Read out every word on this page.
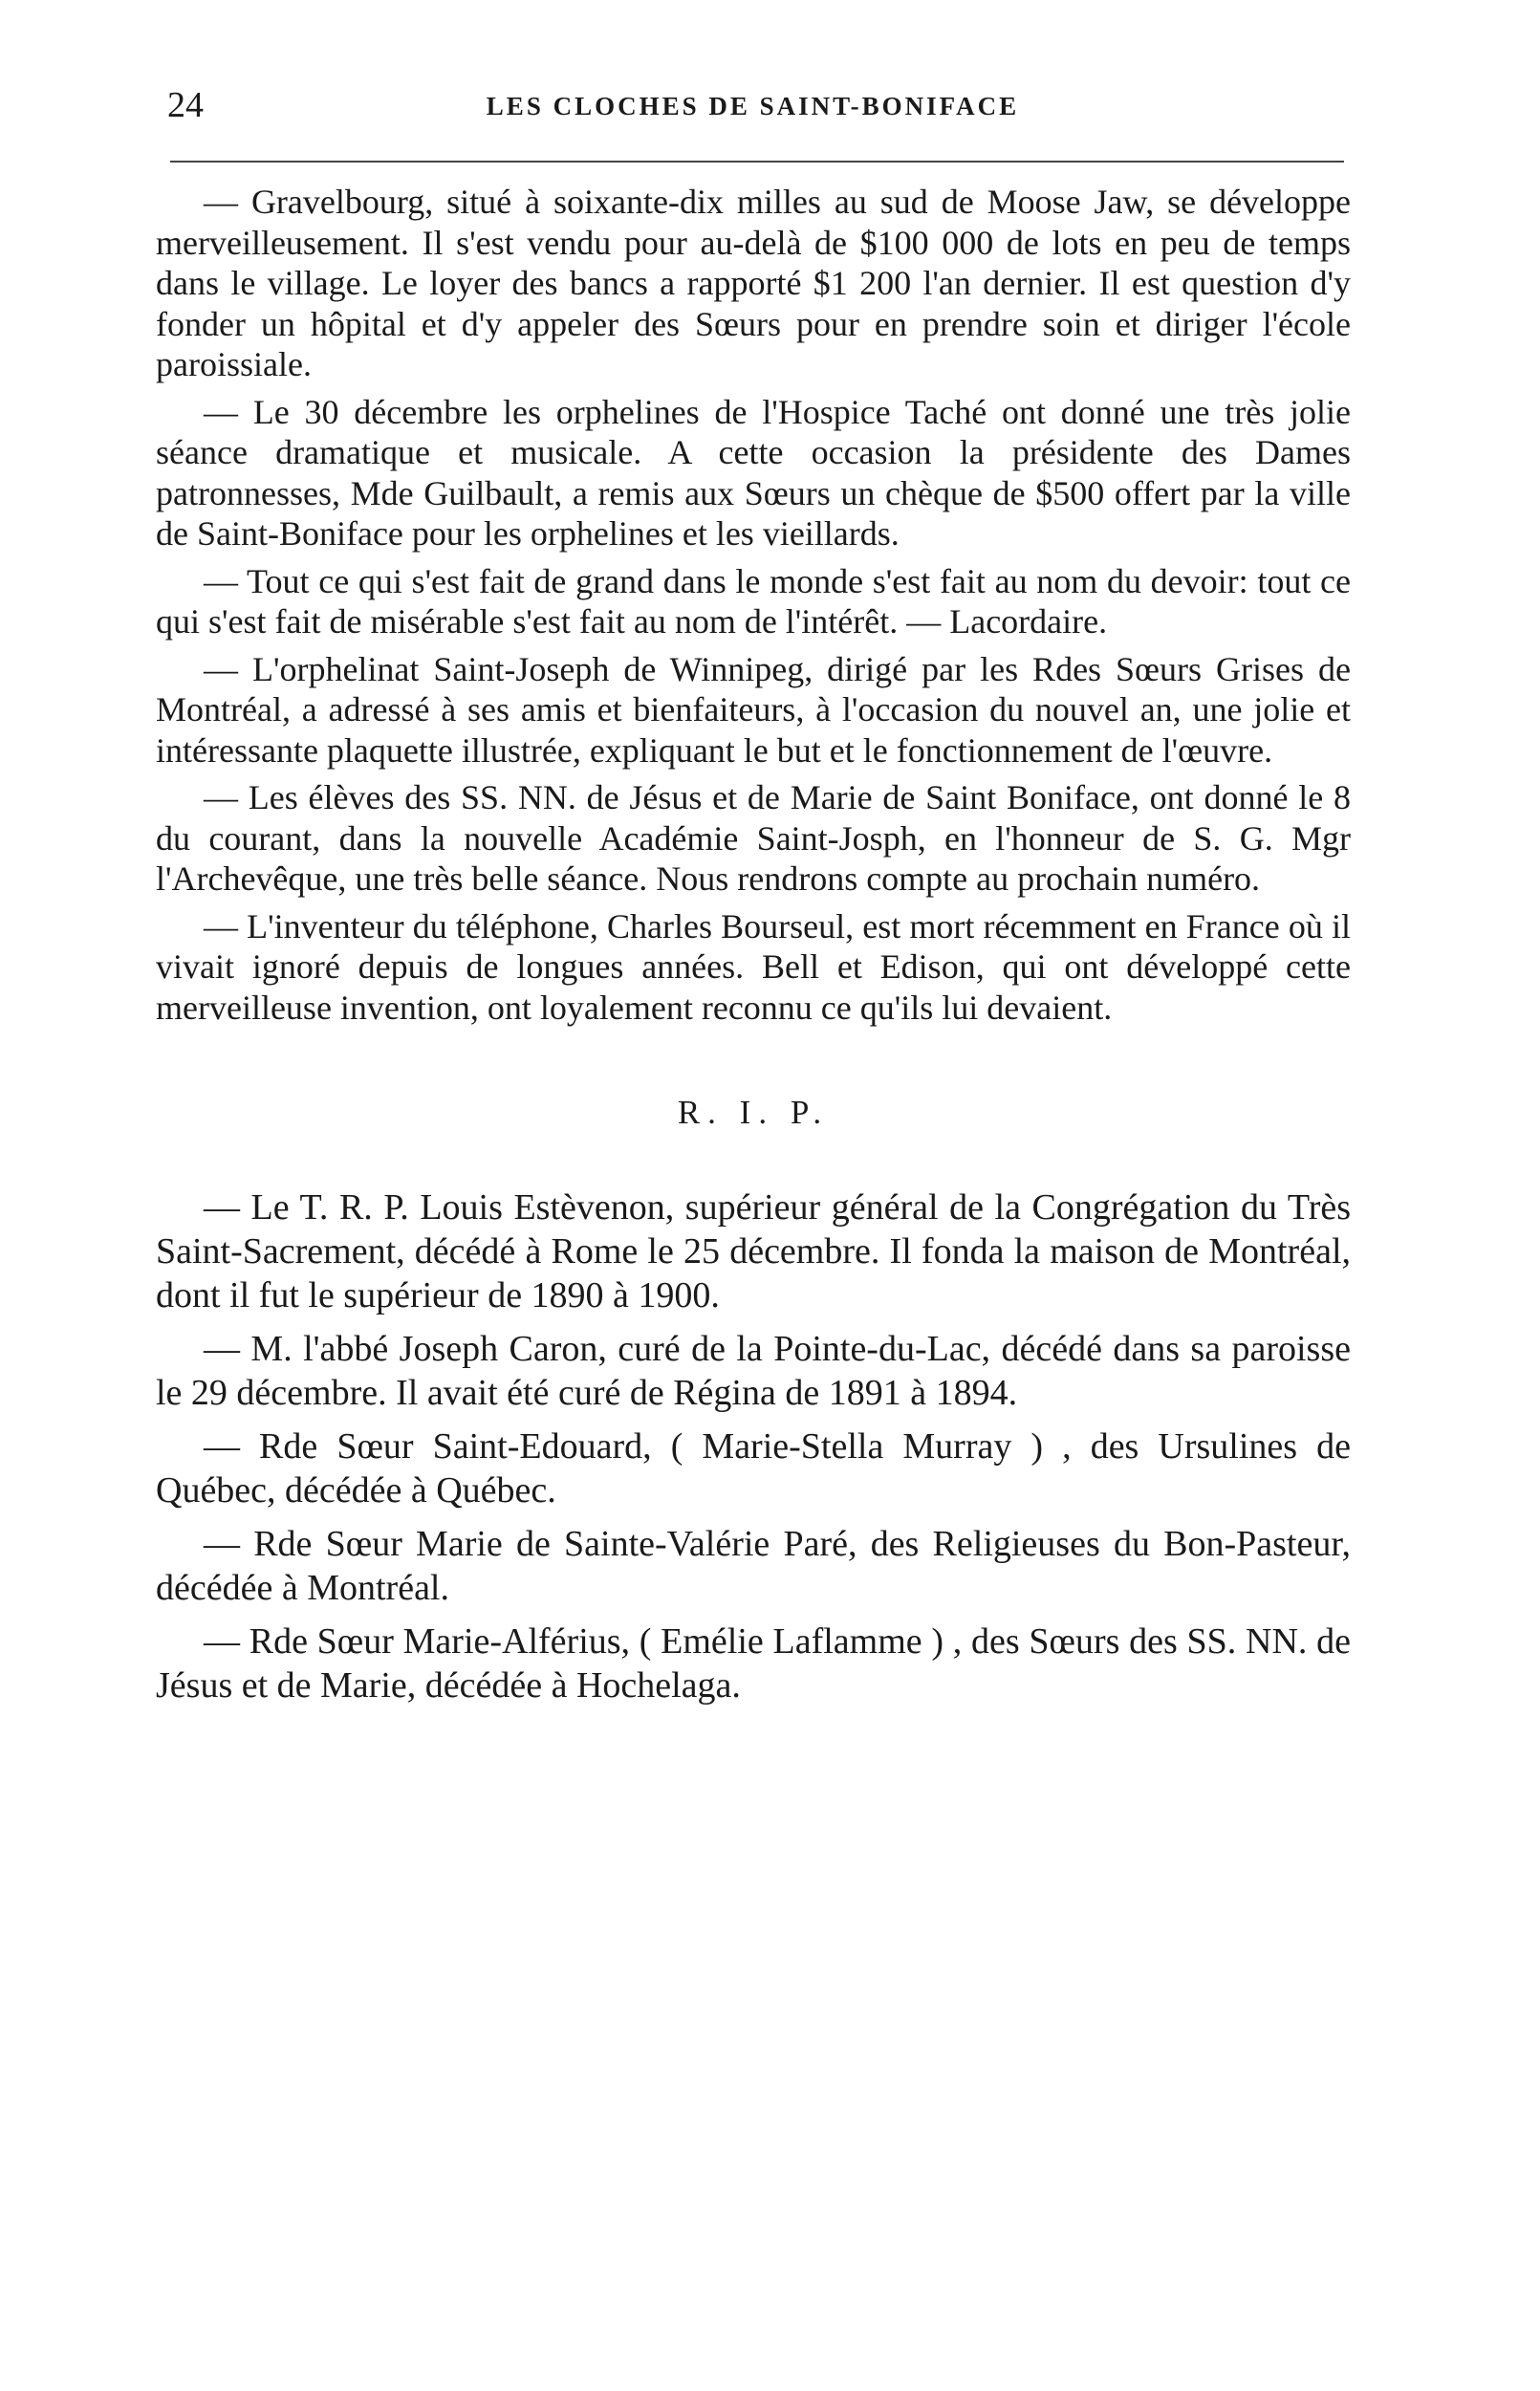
24	LES CLOCHES DE SAINT-BONIFACE

— Gravelbourg, situé à soixante-dix milles au sud de Moose Jaw, se développe merveilleusement. Il s'est vendu pour au-delà de $100 000 de lots en peu de temps dans le village. Le loyer des bancs a rapporté $1 200 l'an dernier. Il est question d'y fonder un hôpital et d'y appeler des Sœurs pour en prendre soin et diriger l'école paroissiale.

— Le 30 décembre les orphelines de l'Hospice Taché ont donné une très jolie séance dramatique et musicale. A cette occasion la présidente des Dames patronnesses, Mde Guilbault, a remis aux Sœurs un chèque de $500 offert par la ville de Saint-Boniface pour les orphelines et les vieillards.

— Tout ce qui s'est fait de grand dans le monde s'est fait au nom du devoir: tout ce qui s'est fait de misérable s'est fait au nom de l'intérêt. — Lacordaire.

— L'orphelinat Saint-Joseph de Winnipeg, dirigé par les Rdes Sœurs Grises de Montréal, a adressé à ses amis et bienfaiteurs, à l'occasion du nouvel an, une jolie et intéressante plaquette illustrée, expliquant le but et le fonctionnement de l'œuvre.

— Les élèves des SS. NN. de Jésus et de Marie de Saint Boniface, ont donné le 8 du courant, dans la nouvelle Académie Saint-Josph, en l'honneur de S. G. Mgr l'Archevêque, une très belle séance. Nous rendrons compte au prochain numéro.

— L'inventeur du téléphone, Charles Bourseul, est mort récemment en France où il vivait ignoré depuis de longues années. Bell et Edison, qui ont développé cette merveilleuse invention, ont loyalement reconnu ce qu'ils lui devaient.

R. I. P.

— Le T. R. P. Louis Estèvenon, supérieur général de la Congrégation du Très Saint-Sacrement, décédé à Rome le 25 décembre. Il fonda la maison de Montréal, dont il fut le supérieur de 1890 à 1900.

— M. l'abbé Joseph Caron, curé de la Pointe-du-Lac, décédé dans sa paroisse le 29 décembre. Il avait été curé de Régina de 1891 à 1894.

— Rde Sœur Saint-Edouard, ( Marie-Stella Murray ) , des Ursulines de Québec, décédée à Québec.

— Rde Sœur Marie de Sainte-Valérie Paré, des Religieuses du Bon-Pasteur, décédée à Montréal.

— Rde Sœur Marie-Alférius, ( Emélie Laflamme ) , des Sœurs des SS. NN. de Jésus et de Marie, décédée à Hochelaga.
